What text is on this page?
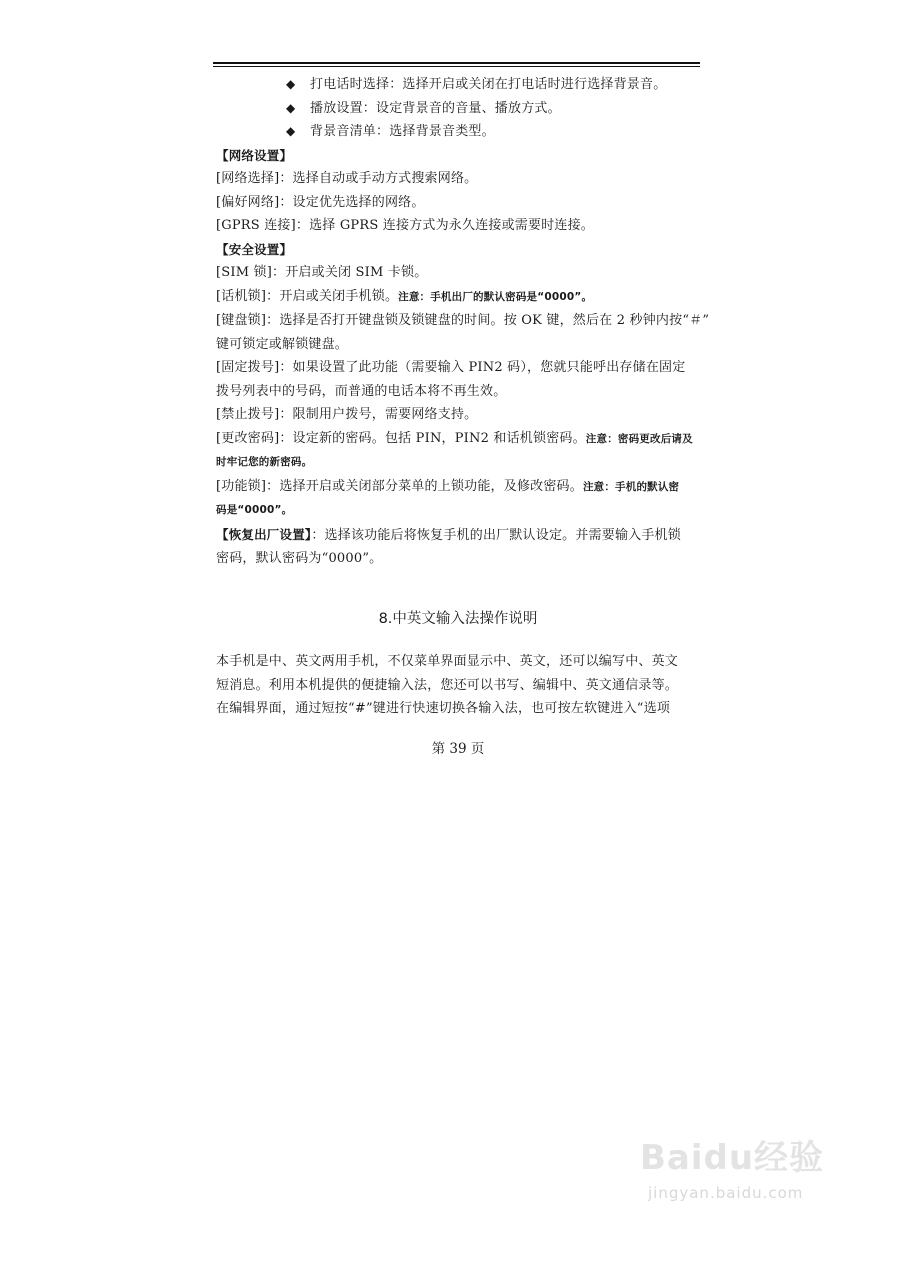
◆ 打电话时选择：选择开启或关闭在打电话时进行选择背景音。
◆ 播放设置：设定背景音的音量、播放方式。
◆ 背景音清单：选择背景音类型。
【网络设置】
[网络选择]：选择自动或手动方式搜索网络。
[偏好网络]：设定优先选择的网络。
[GPRS 连接]：选择 GPRS 连接方式为永久连接或需要时连接。
【安全设置】
[SIM 锁]：开启或关闭 SIM 卡锁。
[话机锁]：开启或关闭手机锁。注意：手机出厂的默认密码是“0000”。
[键盘锁]：选择是否打开键盘锁及锁键盘的时间。按 OK 键，然后在 2 秒钟内按“＃”
键可锁定或解锁键盘。
[固定拨号]：如果设置了此功能（需要输入 PIN2 码），您就只能呼出存储在固定
拨号列表中的号码，而普通的电话本将不再生效。
[禁止拨号]：限制用户拨号，需要网络支持。
[更改密码]：设定新的密码。包括 PIN，PIN2 和话机锁密码。注意：密码更改后请及
时牢记您的新密码。
[功能锁]：选择开启或关闭部分菜单的上锁功能，及修改密码。注意：手机的默认密
码是“0000”。
【恢复出厂设置】：选择该功能后将恢复手机的出厂默认设定。并需要输入手机锁
密码，默认密码为“0000”。
8.中英文输入法操作说明
本手机是中、英文两用手机，不仅菜单界面显示中、英文，还可以编写中、英文
短消息。利用本机提供的便捷输入法，您还可以书写、编辑中、英文通信录等。
在编辑界面，通过短按“#”键进行快速切换各输入法，也可按左软键进入“选项
第 39 页
Baidu经验
jingyan.baidu.com
